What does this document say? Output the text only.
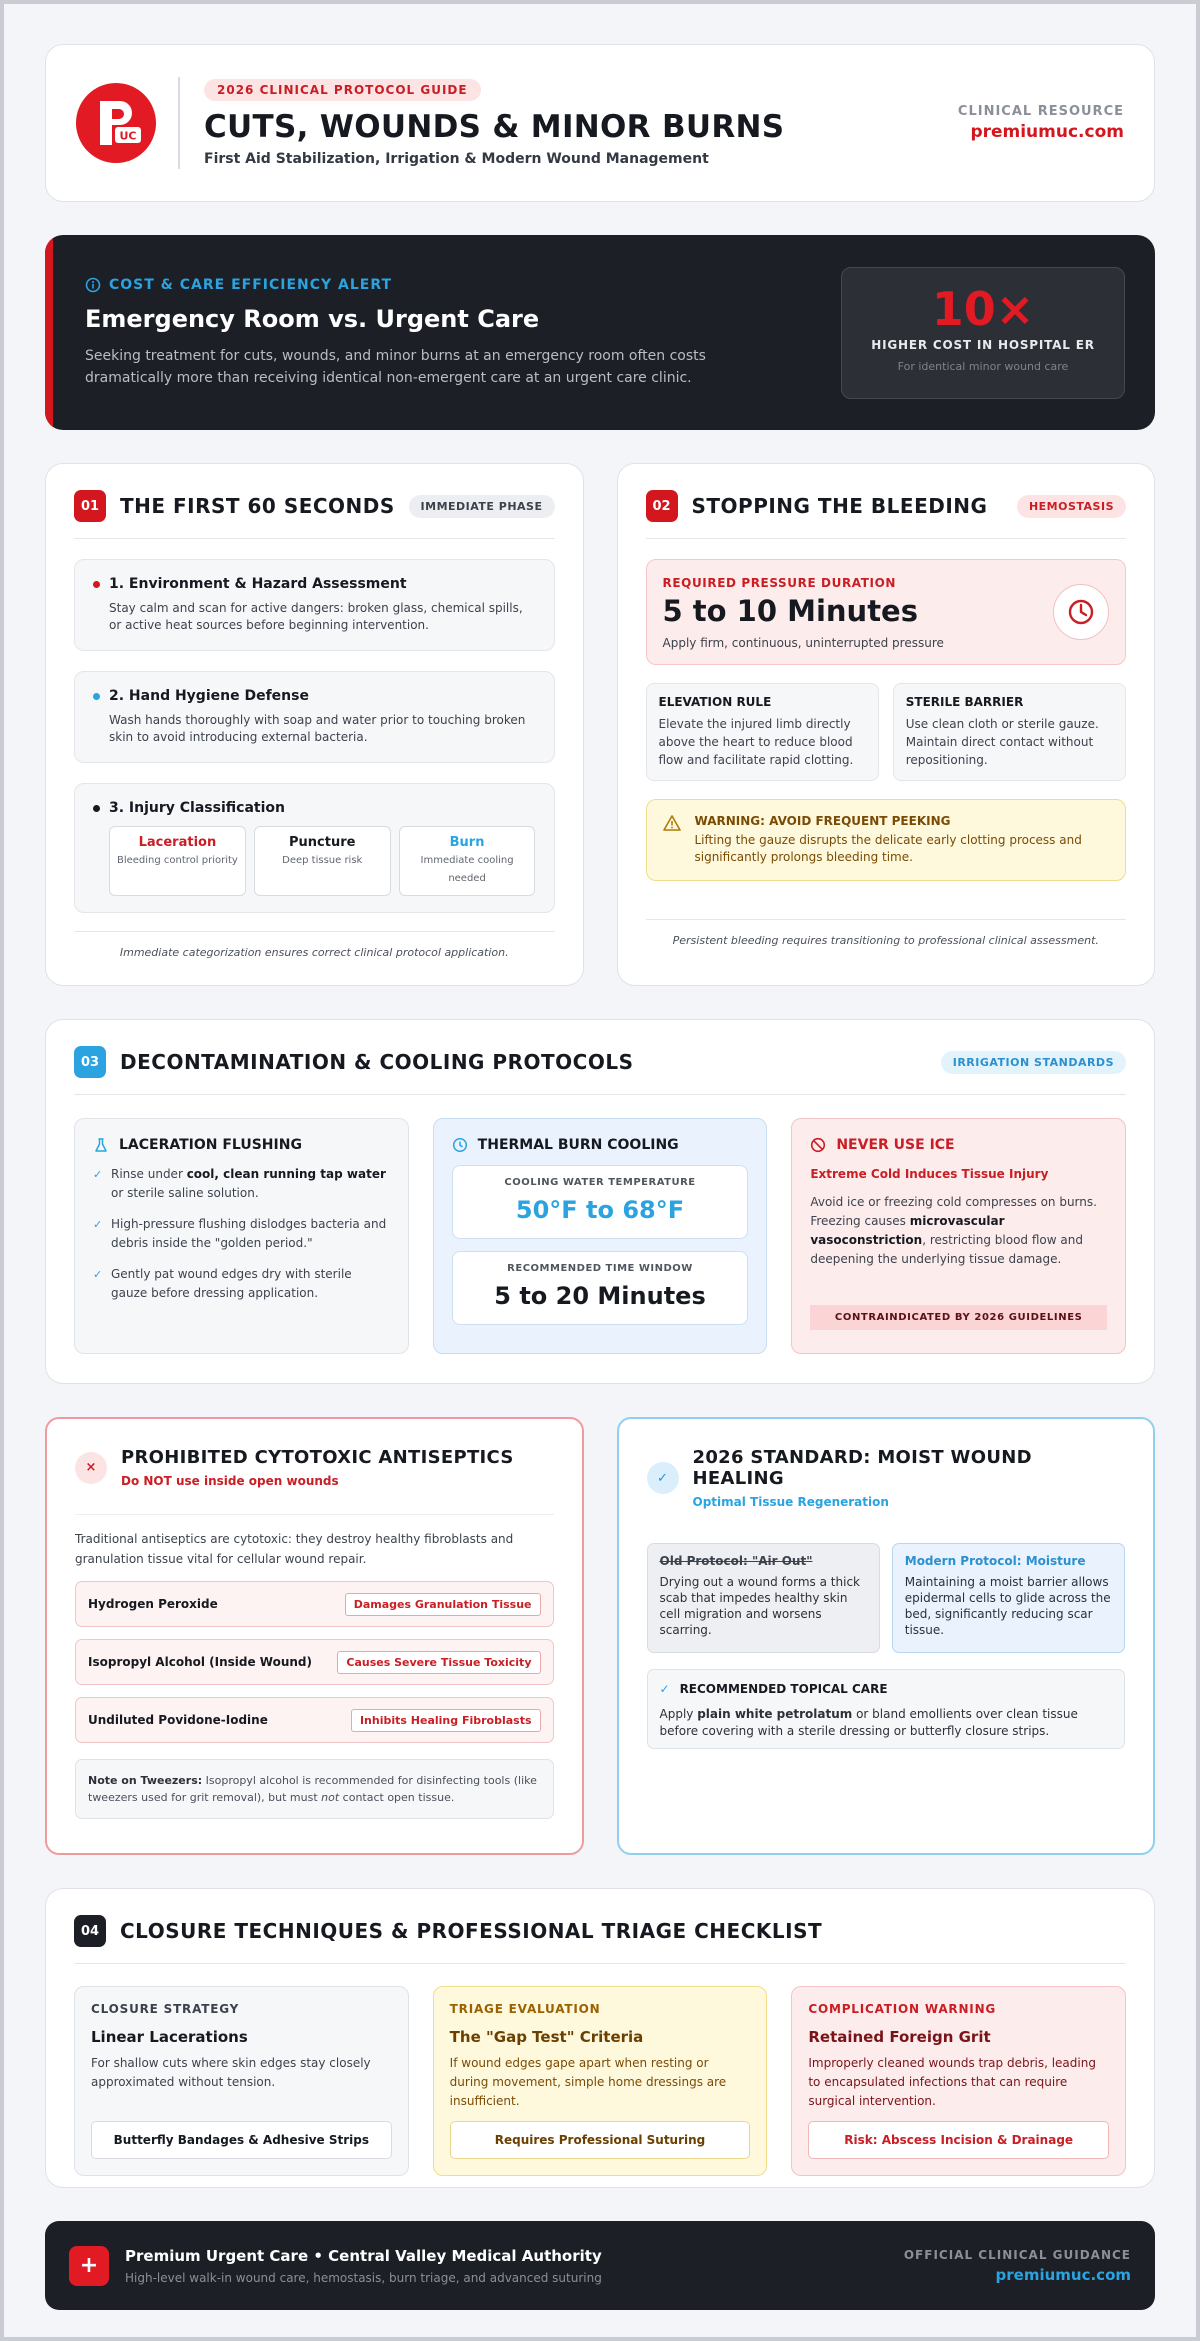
UC
2026 CLINICAL PROTOCOL GUIDE
CUTS, WOUNDS & MINOR BURNS
First Aid Stabilization, Irrigation & Modern Wound Management
CLINICAL RESOURCE
premiumuc.com
COST & CARE EFFICIENCY ALERT
Emergency Room vs. Urgent Care
Seeking treatment for cuts, wounds, and minor burns at an emergency room often costs dramatically more than receiving identical non-emergent care at an urgent care clinic.
10×
HIGHER COST IN HOSPITAL ER
For identical minor wound care
01	THE FIRST 60 SECONDS	IMMEDIATE PHASE
1. Environment & Hazard Assessment
Stay calm and scan for active dangers: broken glass, chemical spills, or active heat sources before beginning intervention.
2. Hand Hygiene Defense
Wash hands thoroughly with soap and water prior to touching broken skin to avoid introducing external bacteria.
3. Injury Classification
Laceration
Bleeding control priority
Puncture
Deep tissue risk
Burn
Immediate cooling needed
Immediate categorization ensures correct clinical protocol application.
02	STOPPING THE BLEEDING	HEMOSTASIS
REQUIRED PRESSURE DURATION
5 to 10 Minutes
Apply firm, continuous, uninterrupted pressure
ELEVATION RULE

Elevate the injured limb directly above the heart to reduce blood flow and facilitate rapid clotting.

STERILE BARRIER

Use clean cloth or sterile gauze. Maintain direct contact without repositioning.

WARNING: AVOID FREQUENT PEEKING

Lifting the gauze disrupts the delicate early clotting process and significantly prolongs bleeding time.

Persistent bleeding requires transitioning to professional clinical assessment.
03	DECONTAMINATION & COOLING PROTOCOLS	IRRIGATION STANDARDS
LACERATION FLUSHING
✓ Rinse under cool, clean running tap water or sterile saline solution.
✓ High-pressure flushing dislodges bacteria and debris inside the "golden period."
✓ Gently pat wound edges dry with sterile gauze before dressing application.
THERMAL BURN COOLING
COOLING WATER TEMPERATURE
50°F to 68°F
RECOMMENDED TIME WINDOW
5 to 20 Minutes
NEVER USE ICE
Extreme Cold Induces Tissue Injury
Avoid ice or freezing cold compresses on burns. Freezing causes microvascular vasoconstriction, restricting blood flow and deepening the underlying tissue damage.
CONTRAINDICATED BY 2026 GUIDELINES
×	PROHIBITED CYTOTOXIC ANTISEPTICS
Do NOT use inside open wounds
Traditional antiseptics are cytotoxic: they destroy healthy fibroblasts and granulation tissue vital for cellular wound repair.
Hydrogen Peroxide	Damages Granulation Tissue
Isopropyl Alcohol (Inside Wound)	Causes Severe Tissue Toxicity
Undiluted Povidone-Iodine	Inhibits Healing Fibroblasts
Note on Tweezers: Isopropyl alcohol is recommended for disinfecting tools (like tweezers used for grit removal), but must not contact open tissue.
✓
2026 STANDARD: MOIST WOUND HEALING
Optimal Tissue Regeneration
Old Protocol: "Air Out"

Drying out a wound forms a thick scab that impedes healthy skin cell migration and worsens scarring.

Modern Protocol: Moisture

Maintaining a moist barrier allows epidermal cells to glide across the bed, significantly reducing scar tissue.

✓ RECOMMENDED TOPICAL CARE

Apply plain white petrolatum or bland emollients over clean tissue before covering with a sterile dressing or butterfly closure strips.

04	CLOSURE TECHNIQUES & PROFESSIONAL TRIAGE CHECKLIST
CLOSURE STRATEGY
Linear Lacerations

For shallow cuts where skin edges stay closely approximated without tension.

Butterfly Bandages & Adhesive Strips
TRIAGE EVALUATION
The "Gap Test" Criteria

If wound edges gape apart when resting or during movement, simple home dressings are insufficient.

Requires Professional Suturing
COMPLICATION WARNING
Retained Foreign Grit

Improperly cleaned wounds trap debris, leading to encapsulated infections that can require surgical intervention.

Risk: Abscess Incision & Drainage
+	Premium Urgent Care • Central Valley Medical Authority
High-level walk-in wound care, hemostasis, burn triage, and advanced suturing
OFFICIAL CLINICAL GUIDANCE
premiumuc.com
